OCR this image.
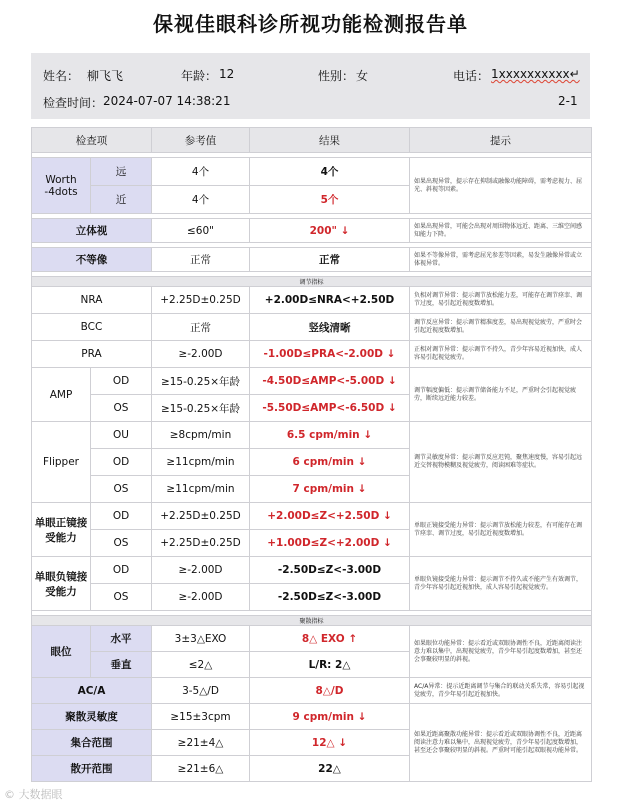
保视佳眼科诊所视功能检测报告单
姓名： 柳飞飞	年龄： 12	性别： 女	电话： 1xxxxxxxxxx↵
检查时间： 2024-07-07 14:38:21	2-1
检查项		参考值	结果	提示

Worth -4dots	远	4个	4个	如果出现异常，提示存在抑制或融像功能障碍，需考虑视力、屈光、斜视等因素。
	近	4个	5个	

立体视		≤60"	200" ↓	如果出现异常，可能会出现对周围物体远近、距离、三维空间感知能力下降。

不等像		正常	正常	如果不等像异常，需考虑屈光参差等因素，易发生融像异常或立体视异常。

调节指标				
NRA		+2.25D±0.25D	+2.00D≤NRA<+2.50D	负相对调节异常：提示调节放松能力差，可能存在调节痉挛、调节过度，易引起近视度数增加。
BCC		正常	竖线清晰	调节反应异常：提示调节精准度差，易出现视觉疲劳，严重时会引起近视度数增加。
PRA		≥-2.00D	-1.00D≤PRA<-2.00D ↓	正相对调节异常：提示调节不持久，青少年容易近视加快，成人容易引起视觉疲劳。
AMP	OD	≥15-0.25×年龄	-4.50D≤AMP<-5.00D ↓	调节幅度偏低：提示调节储备能力不足，严重时会引起视觉疲劳，断续远近能力较差。
	OS	≥15-0.25×年龄	-5.50D≤AMP<-6.50D ↓	
Flipper	OU	≥8cpm/min	6.5 cpm/min ↓	调节灵敏度异常：提示调节反应迟钝，聚焦速度慢，容易引起远近交替视物模糊及视觉疲劳，阅读困难等症状。
	OD	≥11cpm/min	6 cpm/min ↓	
	OS	≥11cpm/min	7 cpm/min ↓	
单眼正镜接受能力	OD	+2.25D±0.25D	+2.00D≤Z<+2.50D ↓	单眼正镜接受能力异常：提示调节放松能力较差，有可能存在调节痉挛、调节过度，易引起近视度数增加。
	OS	+2.25D±0.25D	+1.00D≤Z<+2.00D ↓	
单眼负镜接受能力	OD	≥-2.00D	-2.50D≤Z<-3.00D	单眼负镜接受能力异常：提示调节不持久或不能产生有效调节，青少年容易引起近视加快，成人容易引起视觉疲劳。
	OS	≥-2.00D	-2.50D≤Z<-3.00D	

聚散指标				
眼位	水平	3±3△EXO	8△ EXO ↑	如果眼位功能异常：提示看近或双眼协调性不良，近距离阅读注意力难以集中，出现视觉疲劳，青少年易引起度数增加，甚至还会事聚较明显的斜视。
	垂直	≤2△	L/R: 2△	
AC/A		3-5△/D	8△/D	AC/A异常：提示近距离调节与集合的联动关系失常，容易引起视觉疲劳，青少年易引起近视加快。
聚散灵敏度		≥15±3cpm	9 cpm/min ↓	如果近距离聚散功能异常：提示看近或双眼协调性不良，近距离阅读注意力难以集中，出现视觉疲劳，青少年易引起度数增加，甚至还会事聚较明显的斜视。严重时可能引起双眼视功能异常。
集合范围		≥21±4△	12△ ↓	
散开范围		≥21±6△	22△	
© 大数据眼
